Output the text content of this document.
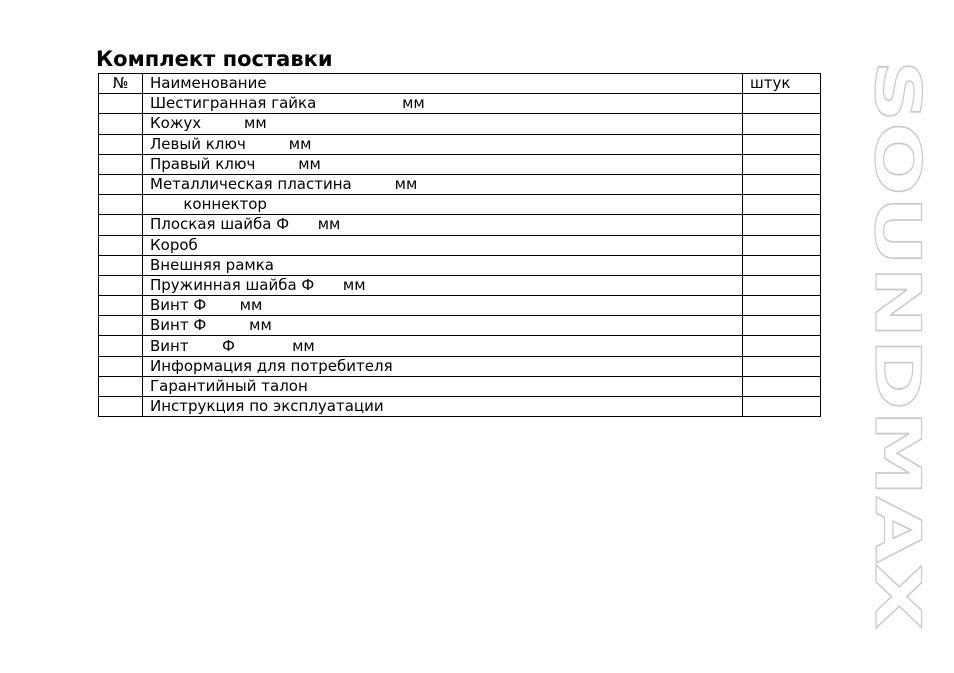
Комплект поставки
№	Наименование	штук
	Шестигранная гайка                  мм	
	Кожух         мм	
	Левый ключ         мм	
	Правый ключ         мм	
	Металлическая пластина         мм	
	коннектор	
	Плоская шайба Ф      мм	
	Короб	
	Внешняя рамка	
	Пружинная шайба Ф      мм	
	Винт Ф       мм	
	Винт Ф         мм	
	Винт       Ф            мм	
	Информация для потребителя	
	Гарантийный талон	
	Инструкция по эксплуатации		SOUNDMAX
